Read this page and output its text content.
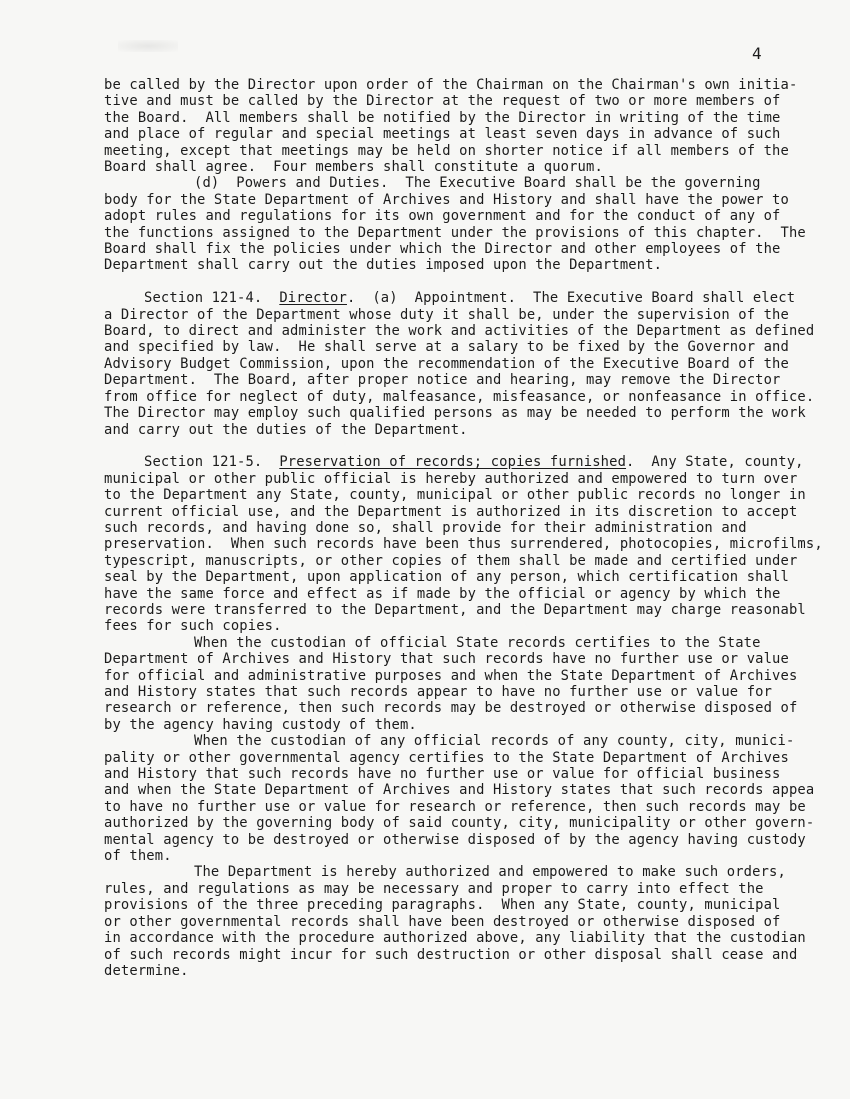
4
be called by the Director upon order of the Chairman on the Chairman's own initia-
tive and must be called by the Director at the request of two or more members of
the Board.  All members shall be notified by the Director in writing of the time
and place of regular and special meetings at least seven days in advance of such
meeting, except that meetings may be held on shorter notice if all members of the
Board shall agree.  Four members shall constitute a quorum.
(d)  Powers and Duties.  The Executive Board shall be the governing
body for the State Department of Archives and History and shall have the power to
adopt rules and regulations for its own government and for the conduct of any of
the functions assigned to the Department under the provisions of this chapter.  The
Board shall fix the policies under which the Director and other employees of the
Department shall carry out the duties imposed upon the Department.
Section 121-4.  Director.  (a)  Appointment.  The Executive Board shall elect
a Director of the Department whose duty it shall be, under the supervision of the
Board, to direct and administer the work and activities of the Department as defined
and specified by law.  He shall serve at a salary to be fixed by the Governor and
Advisory Budget Commission, upon the recommendation of the Executive Board of the
Department.  The Board, after proper notice and hearing, may remove the Director
from office for neglect of duty, malfeasance, misfeasance, or nonfeasance in office.
The Director may employ such qualified persons as may be needed to perform the work
and carry out the duties of the Department.
Section 121-5.  Preservation of records; copies furnished.  Any State, county,
municipal or other public official is hereby authorized and empowered to turn over
to the Department any State, county, municipal or other public records no longer in
current official use, and the Department is authorized in its discretion to accept
such records, and having done so, shall provide for their administration and
preservation.  When such records have been thus surrendered, photocopies, microfilms,
typescript, manuscripts, or other copies of them shall be made and certified under
seal by the Department, upon application of any person, which certification shall
have the same force and effect as if made by the official or agency by which the
records were transferred to the Department, and the Department may charge reasonabl
fees for such copies.
When the custodian of official State records certifies to the State
Department of Archives and History that such records have no further use or value
for official and administrative purposes and when the State Department of Archives
and History states that such records appear to have no further use or value for
research or reference, then such records may be destroyed or otherwise disposed of
by the agency having custody of them.
When the custodian of any official records of any county, city, munici-
pality or other governmental agency certifies to the State Department of Archives
and History that such records have no further use or value for official business
and when the State Department of Archives and History states that such records appea
to have no further use or value for research or reference, then such records may be
authorized by the governing body of said county, city, municipality or other govern-
mental agency to be destroyed or otherwise disposed of by the agency having custody
of them.
The Department is hereby authorized and empowered to make such orders,
rules, and regulations as may be necessary and proper to carry into effect the
provisions of the three preceding paragraphs.  When any State, county, municipal
or other governmental records shall have been destroyed or otherwise disposed of
in accordance with the procedure authorized above, any liability that the custodian
of such records might incur for such destruction or other disposal shall cease and
determine.
